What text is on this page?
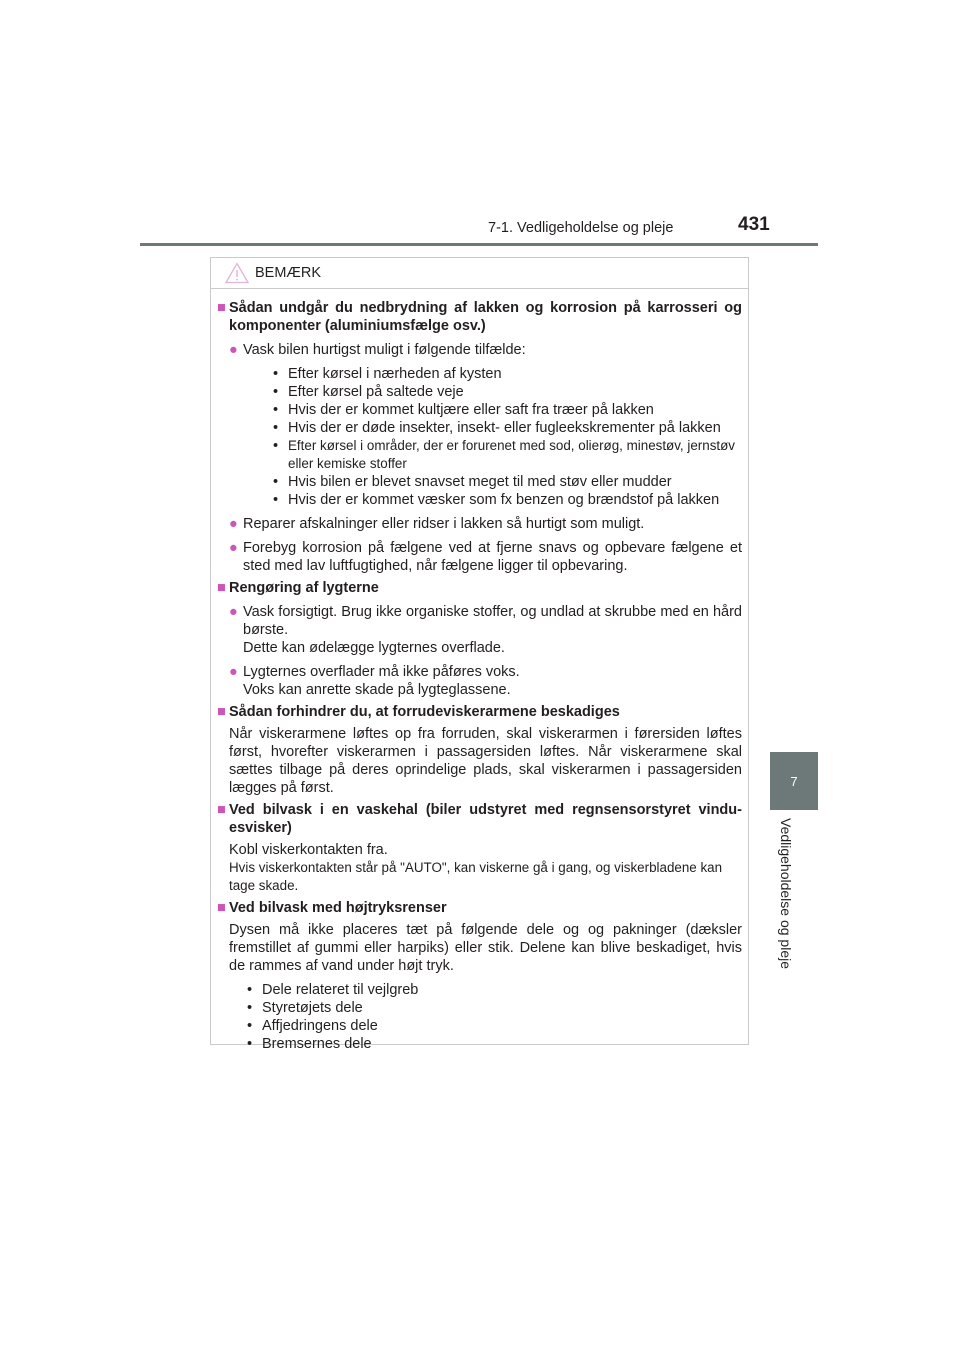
7-1. Vedligeholdelse og pleje	431
7
Vedligeholdelse og pleje
BEMÆRK
■ Sådan undgår du nedbrydning af lakken og korrosion på karrosseri og komponenter (aluminiumsfælge osv.)
● Vask bilen hurtigst muligt i følgende tilfælde:
• Efter kørsel i nærheden af kysten
• Efter kørsel på saltede veje
• Hvis der er kommet kultjære eller saft fra træer på lakken
• Hvis der er døde insekter, insekt- eller fugleekskrementer på lakken
• Efter kørsel i områder, der er forurenet med sod, olierøg, minestøv, jernstøv eller kemiske stoffer
• Hvis bilen er blevet snavset meget til med støv eller mudder
• Hvis der er kommet væsker som fx benzen og brændstof på lakken
● Reparer afskalninger eller ridser i lakken så hurtigt som muligt.
● Forebyg korrosion på fælgene ved at fjerne snavs og opbevare fælgene et sted med lav luftfugtighed, når fælgene ligger til opbevaring.
■ Rengøring af lygterne
● Vask forsigtigt. Brug ikke organiske stoffer, og undlad at skrubbe med en hård børste.
Dette kan ødelægge lygternes overflade.
● Lygternes overflader må ikke påføres voks.
Voks kan anrette skade på lygteglassene.
■ Sådan forhindrer du, at forrudeviskerarmene beskadiges
Når viskerarmene løftes op fra forruden, skal viskerarmen i førersiden løftes først, hvorefter viskerarmen i passagersiden løftes. Når viskerarmene skal sættes tilbage på deres oprindelige plads, skal viskerarmen i passagersiden lægges på først.
■ Ved bilvask i en vaskehal (biler udstyret med regnsensorstyret vinduesvisker)
Kobl viskerkontakten fra.
Hvis viskerkontakten står på "AUTO", kan viskerne gå i gang, og viskerbladene kan tage skade.
■ Ved bilvask med højtryksrenser
Dysen må ikke placeres tæt på følgende dele og og pakninger (dæksler fremstillet af gummi eller harpiks) eller stik. Delene kan blive beskadiget, hvis de rammes af vand under højt tryk.
• Dele relateret til vejlgreb
• Styretøjets dele
• Affjedringens dele
• Bremsernes dele
